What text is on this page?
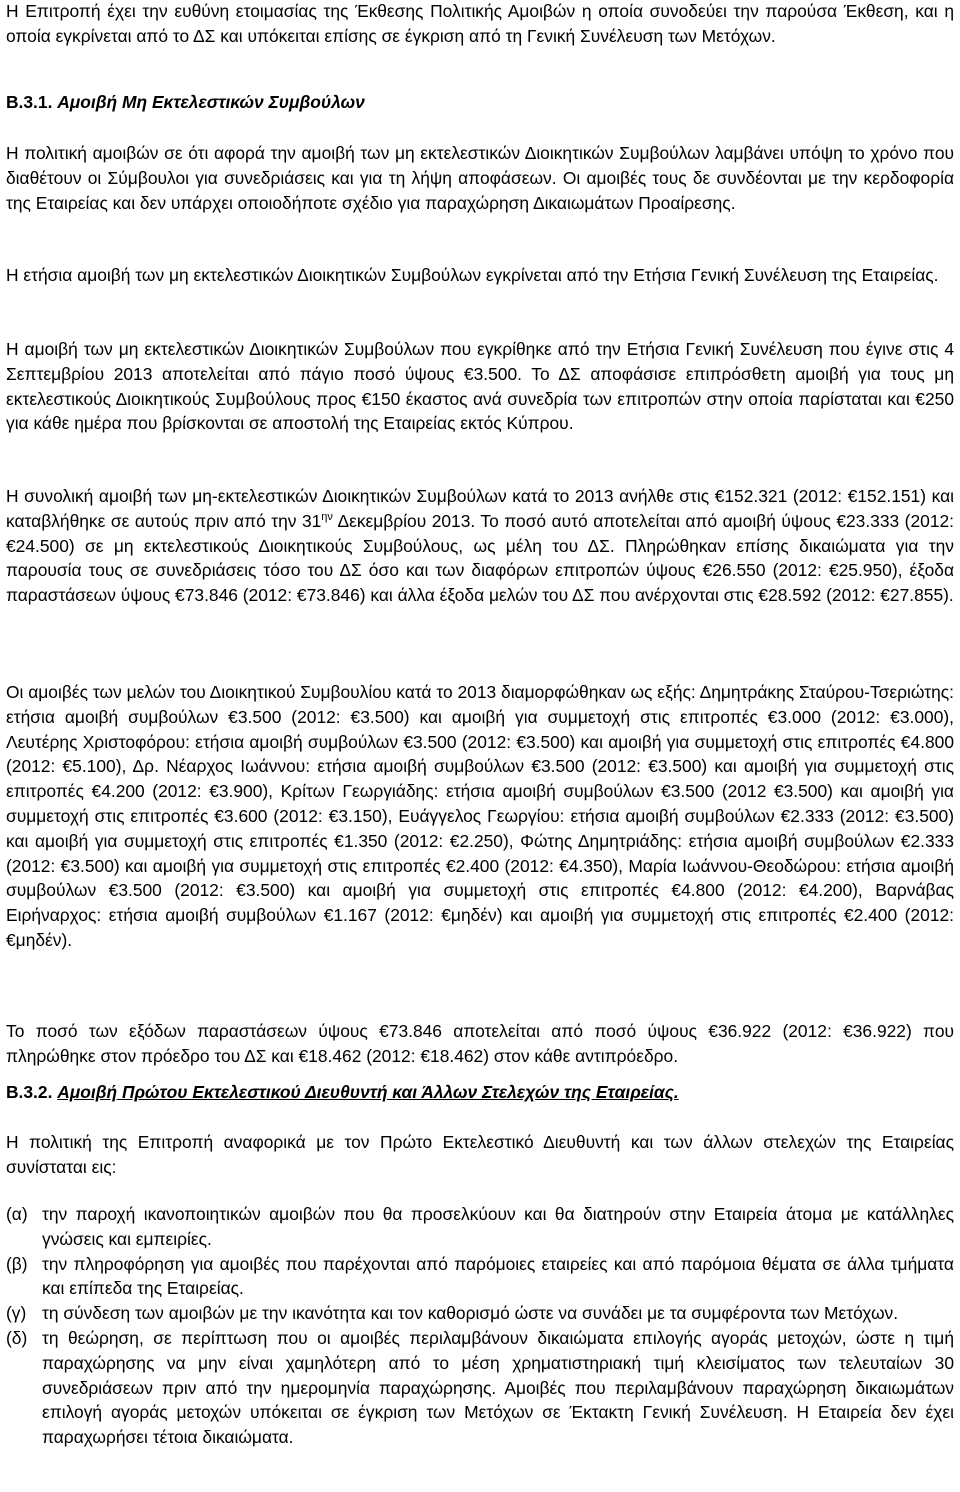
Η Επιτροπή έχει την ευθύνη ετοιμασίας της Έκθεσης Πολιτικής Αμοιβών η οποία συνοδεύει την παρούσα Έκθεση, και η οποία εγκρίνεται από το ΔΣ και υπόκειται επίσης σε έγκριση από τη Γενική Συνέλευση των Μετόχων.

Β.3.1. Αμοιβή Μη Εκτελεστικών Συμβούλων

Η πολιτική αμοιβών σε ότι αφορά την αμοιβή των μη εκτελεστικών Διοικητικών Συμβούλων λαμβάνει υπόψη το χρόνο που διαθέτουν οι Σύμβουλοι για συνεδριάσεις και για τη λήψη αποφάσεων. Οι αμοιβές τους δε συνδέονται με την κερδοφορία της Εταιρείας και δεν υπάρχει οποιοδήποτε σχέδιο για παραχώρηση Δικαιωμάτων Προαίρεσης.

Η ετήσια αμοιβή των μη εκτελεστικών Διοικητικών Συμβούλων εγκρίνεται από την Ετήσια Γενική Συνέλευση της Εταιρείας.

Η αμοιβή των μη εκτελεστικών Διοικητικών Συμβούλων που εγκρίθηκε από την Ετήσια Γενική Συνέλευση που έγινε στις 4 Σεπτεμβρίου 2013 αποτελείται από πάγιο ποσό ύψους €3.500. Το ΔΣ αποφάσισε επιπρόσθετη αμοιβή για τους μη εκτελεστικούς Διοικητικούς Συμβούλους προς €150 έκαστος ανά συνεδρία των επιτροπών στην οποία παρίσταται και €250 για κάθε ημέρα που βρίσκονται σε αποστολή της Εταιρείας εκτός Κύπρου.

Η συνολική αμοιβή των μη-εκτελεστικών Διοικητικών Συμβούλων κατά το 2013 ανήλθε στις €152.321 (2012: €152.151) και καταβλήθηκε σε αυτούς πριν από την $31^{\eta\nu}$ Δεκεμβρίου 2013. Το ποσό αυτό αποτελείται από αμοιβή ύψους €23.333 (2012: €24.500) σε μη εκτελεστικούς Διοικητικούς Συμβούλους, ως μέλη του ΔΣ. Πληρώθηκαν επίσης δικαιώματα για την παρουσία τους σε συνεδριάσεις τόσο του ΔΣ όσο και των διαφόρων επιτροπών ύψους €26.550 (2012: €25.950), έξοδα παραστάσεων ύψους €73.846 (2012: €73.846) και άλλα έξοδα μελών του ΔΣ που ανέρχονται στις €28.592 (2012: €27.855).

Οι αμοιβές των μελών του Διοικητικού Συμβουλίου κατά το 2013 διαμορφώθηκαν ως εξής: Δημητράκης Σταύρου-Τσεριώτης: ετήσια αμοιβή συμβούλων €3.500 (2012: €3.500) και αμοιβή για συμμετοχή στις επιτροπές €3.000 (2012: €3.000), Λευτέρης Χριστοφόρου: ετήσια αμοιβή συμβούλων €3.500 (2012: €3.500) και αμοιβή για συμμετοχή στις επιτροπές €4.800 (2012: €5.100), Δρ. Νέαρχος Ιωάννου: ετήσια αμοιβή συμβούλων €3.500 (2012: €3.500) και αμοιβή για συμμετοχή στις επιτροπές €4.200 (2012: €3.900), Κρίτων Γεωργιάδης: ετήσια αμοιβή συμβούλων €3.500 (2012 €3.500) και αμοιβή για συμμετοχή στις επιτροπές €3.600 (2012: €3.150), Ευάγγελος Γεωργίου: ετήσια αμοιβή συμβούλων €2.333 (2012: €3.500) και αμοιβή για συμμετοχή στις επιτροπές €1.350 (2012: €2.250), Φώτης Δημητριάδης: ετήσια αμοιβή συμβούλων €2.333 (2012: €3.500) και αμοιβή για συμμετοχή στις επιτροπές €2.400 (2012: €4.350), Μαρία Ιωάννου-Θεοδώρου: ετήσια αμοιβή συμβούλων €3.500 (2012: €3.500) και αμοιβή για συμμετοχή στις επιτροπές €4.800 (2012: €4.200), Βαρνάβας Ειρήναρχος: ετήσια αμοιβή συμβούλων €1.167 (2012: €μηδέν) και αμοιβή για συμμετοχή στις επιτροπές €2.400 (2012: €μηδέν).

Το ποσό των εξόδων παραστάσεων ύψους €73.846 αποτελείται από ποσό ύψους €36.922 (2012: €36.922) που πληρώθηκε στον πρόεδρο του ΔΣ και €18.462 (2012: €18.462) στον κάθε αντιπρόεδρο.

Β.3.2. Αμοιβή Πρώτου Εκτελεστικού Διευθυντή και Άλλων Στελεχών της Εταιρείας.

Η πολιτική της Επιτροπή αναφορικά με τον Πρώτο Εκτελεστικό Διευθυντή και των άλλων στελεχών της Εταιρείας συνίσταται εις:

(α) την παροχή ικανοποιητικών αμοιβών που θα προσελκύουν και θα διατηρούν στην Εταιρεία άτομα με κατάλληλες γνώσεις και εμπειρίες.
(β) την πληροφόρηση για αμοιβές που παρέχονται από παρόμοιες εταιρείες και από παρόμοια θέματα σε άλλα τμήματα και επίπεδα της Εταιρείας.
(γ) τη σύνδεση των αμοιβών με την ικανότητα και τον καθορισμό ώστε να συνάδει με τα συμφέροντα των Μετόχων.
(δ) τη θεώρηση, σε περίπτωση που οι αμοιβές περιλαμβάνουν δικαιώματα επιλογής αγοράς μετοχών, ώστε η τιμή παραχώρησης να μην είναι χαμηλότερη από το μέση χρηματιστηριακή τιμή κλεισίματος των τελευταίων 30 συνεδριάσεων πριν από την ημερομηνία παραχώρησης. Αμοιβές που περιλαμβάνουν παραχώρηση δικαιωμάτων επιλογή αγοράς μετοχών υπόκειται σε έγκριση των Μετόχων σε Έκτακτη Γενική Συνέλευση. Η Εταιρεία δεν έχει παραχωρήσει τέτοια δικαιώματα.
